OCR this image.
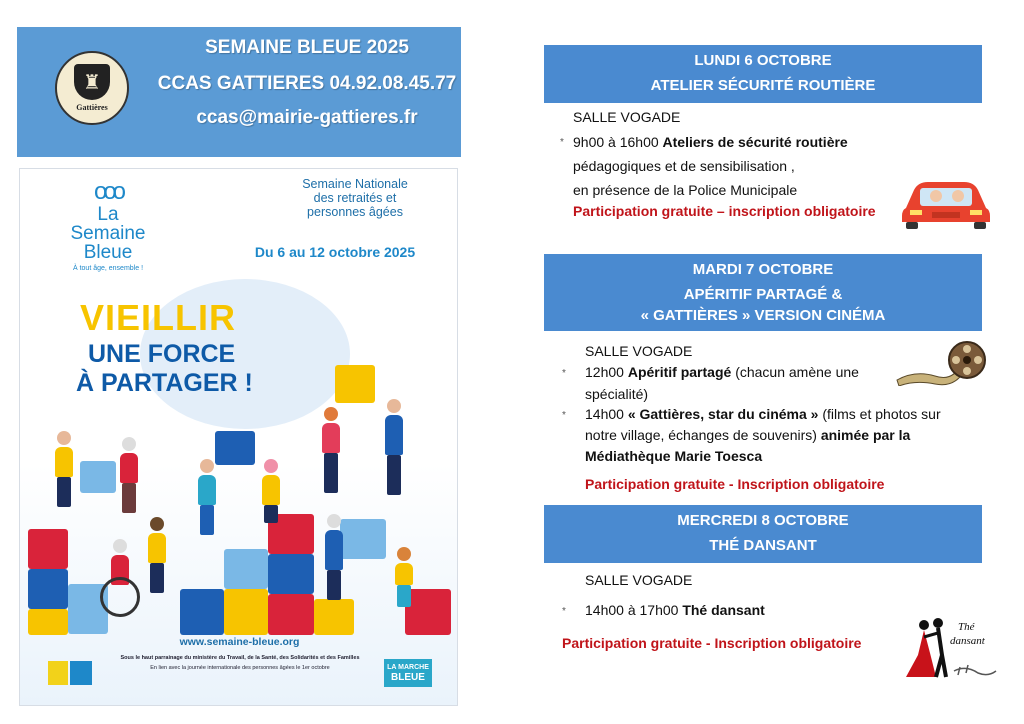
♜
Gattières
SEMAINE BLEUE 2025
CCAS GATTIERES 04.92.08.45.77
ccas@mairie-gattieres.fr
ooo
La
Semaine
Bleue
À tout âge, ensemble !
Semaine Nationale
des retraités et
personnes âgées
Du 6 au 12 octobre 2025
VIEILLIR
UNE FORCE
À PARTAGER !
www.semaine-bleue.org
Sous le haut parrainage du ministère du Travail, de la Santé, des Solidarités et des Familles
En lien avec la journée internationale des personnes âgées le 1er octobre	LA MARCHE
BLEUE
LUNDI 6 OCTOBRE
ATELIER SÉCURITÉ ROUTIÈRE
SALLE VOGADE
* 9h00 à 16h00 Ateliers de sécurité routière
pédagogiques et de sensibilisation ,
en présence de la Police Municipale
Participation gratuite – inscription obligatoire
MARDI 7 OCTOBRE
APÉRITIF PARTAGÉ &
« GATTIÈRES » VERSION CINÉMA
SALLE VOGADE
* 12h00 Apéritif partagé (chacun amène une
spécialité)
* 14h00 « Gattières, star du cinéma » (films et photos sur
notre village, échanges de souvenirs) animée par la
Médiathèque Marie Toesca
Participation gratuite - Inscription obligatoire
MERCREDI 8 OCTOBRE
THÉ DANSANT
SALLE VOGADE
* 14h00 à 17h00 Thé dansant
Participation gratuite - Inscription obligatoire
Thé
dansant
